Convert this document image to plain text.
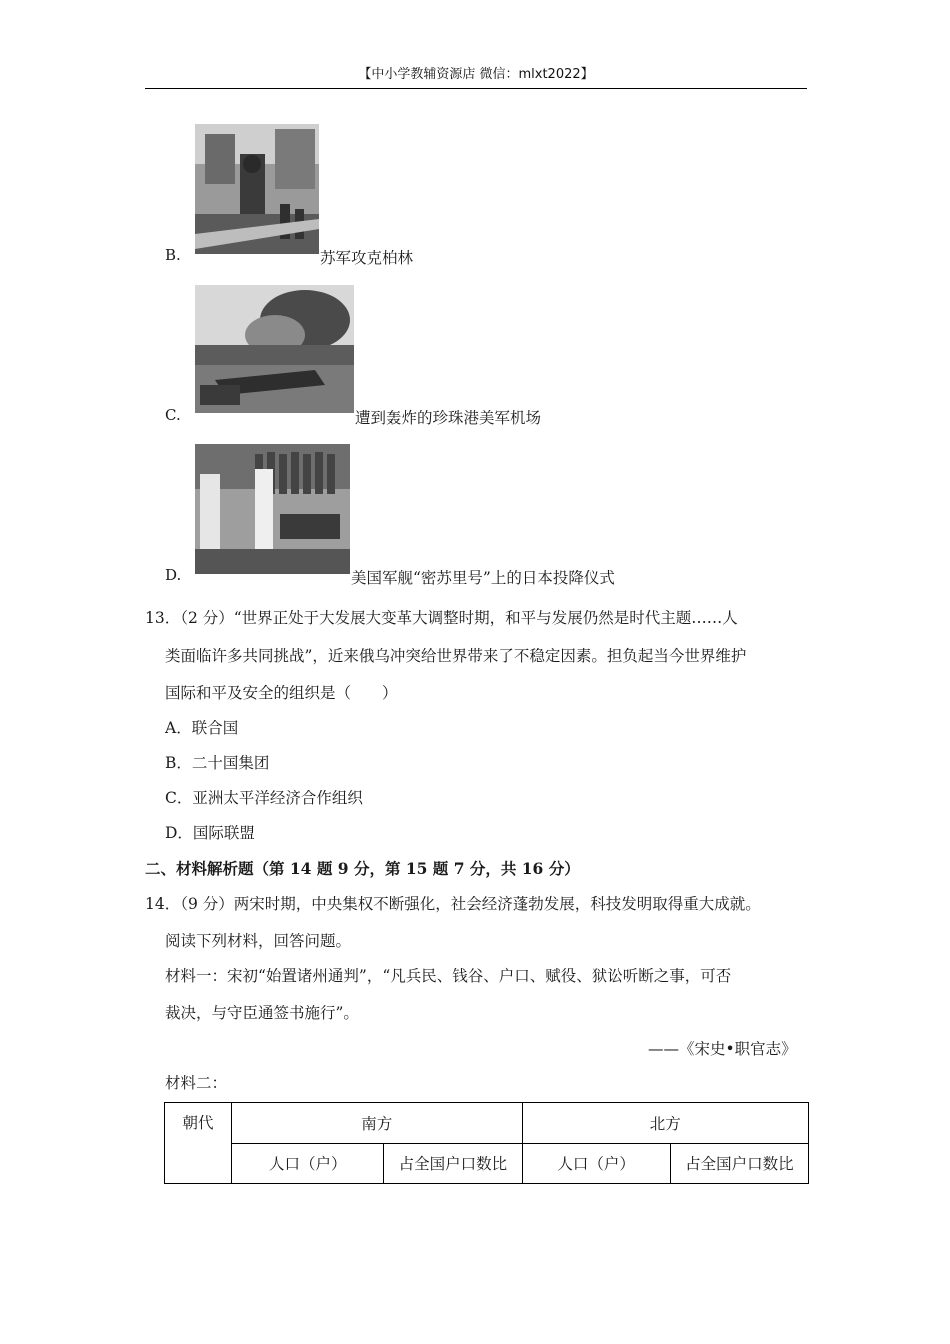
【中小学教辅资源店 微信：mlxt2022】
B.	苏军攻克柏林
C.	遭到轰炸的珍珠港美军机场
D.	美国军舰“密苏里号”上的日本投降仪式
13．（2 分）“世界正处于大发展大变革大调整时期，和平与发展仍然是时代主题……人
类面临许多共同挑战”，近来俄乌冲突给世界带来了不稳定因素。担负起当今世界维护
国际和平及安全的组织是（　　）
A．联合国
B．二十国集团
C．亚洲太平洋经济合作组织
D．国际联盟
二、材料解析题（第 14 题 9 分，第 15 题 7 分，共 16 分）
14．（9 分）两宋时期，中央集权不断强化，社会经济蓬勃发展，科技发明取得重大成就。
阅读下列材料，回答问题。
材料一：宋初“始置诸州通判”，“凡兵民、钱谷、户口、赋役、狱讼听断之事，可否
裁决，与守臣通签书施行”。
——《宋史•职官志》
材料二：
朝代	南方		北方	
	人口（户）	占全国户口数比	人口（户）	占全国户口数比
